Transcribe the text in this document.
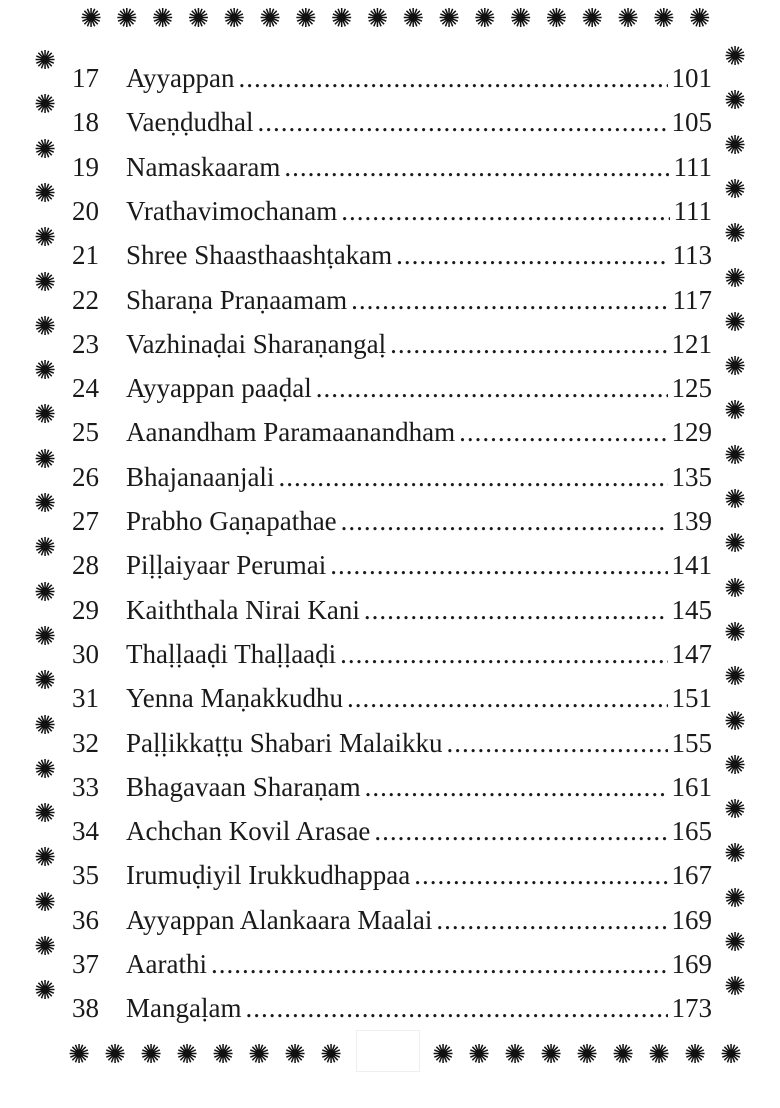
✺ ✺ ✺ ✺ ✺ ✺ ✺ ✺ ✺ ✺ ✺ ✺ ✺ ✺ ✺ ✺ ✺ ✺
✺	✺
✺	✺
✺	✺
✺	✺
✺	✺
✺	✺
✺	✺
✺	✺
✺	✺
✺	✺
✺	✺
✺	✺
✺	✺
✺	✺
✺	✺
✺	✺
✺	✺
✺	✺
✺	✺
✺	✺
✺	✺
✺	✺
✺ ✺ ✺ ✺ ✺ ✺ ✺ ✺	✺ ✺ ✺ ✺ ✺ ✺ ✺ ✺ ✺
17	Ayyappan .....	101
18	Vaeṇḍudhal .....	105
19	Namaskaaram .....	111
20	Vrathavimochanam .....	111
21	Shree Shaasthaashṭakam .....	113
22	Sharaṇa Praṇaamam .....	117
23	Vazhinaḍai Sharaṇangaḷ .....	121
24	Ayyappan paaḍal .....	125
25	Aanandham Paramaanandham .....	129
26	Bhajanaanjali .....	135
27	Prabho Gaṇapathae .....	139
28	Piḷḷaiyaar Perumai .....	141
29	Kaiththala Nirai Kani .....	145
30	Thaḷḷaaḍi Thaḷḷaaḍi .....	147
31	Yenna Maṇakkudhu .....	151
32	Paḷḷikkaṭṭu Shabari Malaikku .....	155
33	Bhagavaan Sharaṇam .....	161
34	Achchan Kovil Arasae .....	165
35	Irumuḍiyil Irukkudhappaa .....	167
36	Ayyappan Alankaara Maalai .....	169
37	Aarathi .....	169
38	Mangaḷam .....	173
